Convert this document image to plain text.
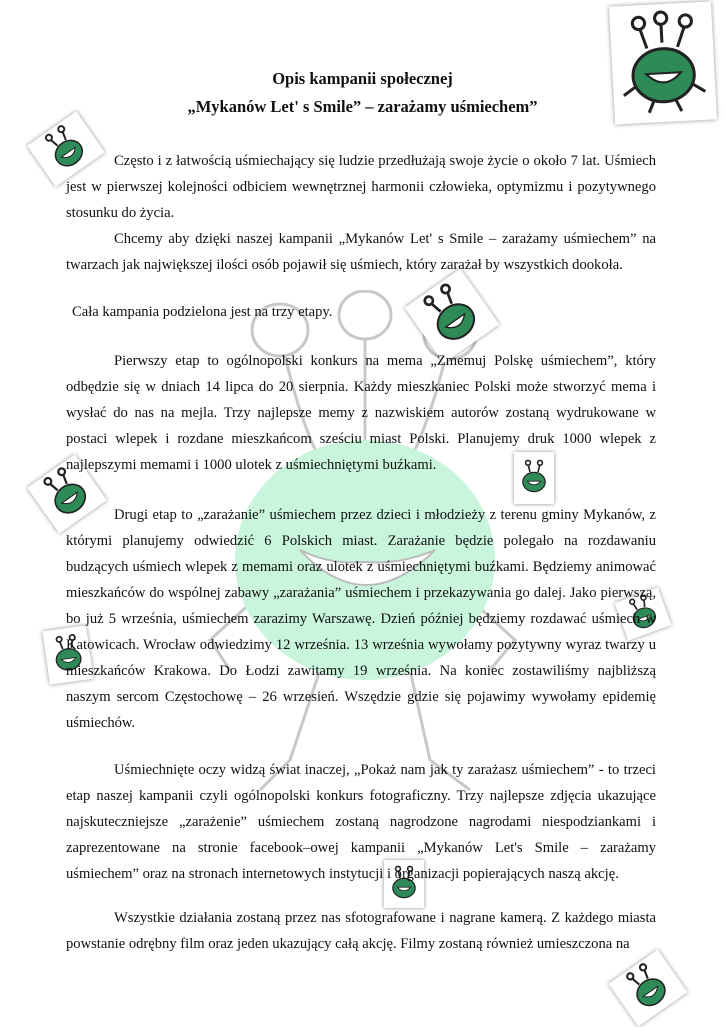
Opis kampanii społecznej
„Mykanów Let' s Smile” – zarażamy uśmiechem”
Często i z łatwością uśmiechający się ludzie przedłużają swoje życie o około 7 lat. Uśmiech jest w pierwszej kolejności odbiciem wewnętrznej harmonii człowieka, optymizmu i pozytywnego stosunku do życia.
Chcemy aby dzięki naszej kampanii „Mykanów Let' s Smile – zarażamy uśmiechem” na twarzach jak największej ilości osób pojawił się uśmiech, który zarażał by wszystkich dookoła.
Cała kampania podzielona jest na trzy etapy.
Pierwszy etap to ogólnopolski konkurs na mema „Zmemuj Polskę uśmiechem”, który odbędzie się w dniach 14 lipca do 20 sierpnia. Każdy mieszkaniec Polski może stworzyć mema i wysłać do nas na mejla. Trzy najlepsze memy z nazwiskiem autorów zostaną wydrukowane w postaci wlepek i rozdane mieszkańcom sześciu miast Polski. Planujemy druk 1000 wlepek z najlepszymi memami i 1000 ulotek z uśmiechniętymi buźkami.
Drugi etap to „zarażanie” uśmiechem przez dzieci i młodzieży z terenu gminy Mykanów, z którymi planujemy odwiedzić 6 Polskich miast. Zarażanie będzie polegało na rozdawaniu budzących uśmiech wlepek z memami oraz ulotek z uśmiechniętymi buźkami. Będziemy animować mieszkańców do wspólnej zabawy „zarażania” uśmiechem i przekazywania go dalej. Jako pierwszą, bo już 5 września, uśmiechem zarazimy Warszawę. Dzień później będziemy rozdawać uśmiech w Katowicach. Wrocław odwiedzimy 12 września. 13 września wywołamy pozytywny wyraz twarzy u mieszkańców Krakowa. Do Łodzi zawitamy 19 września. Na koniec zostawiliśmy najbliższą naszym sercom Częstochowę – 26 wrzesień. Wszędzie gdzie się pojawimy wywołamy epidemię uśmiechów.
Uśmiechnięte oczy widzą świat inaczej, „Pokaż nam jak ty zarażasz uśmiechem” - to trzeci etap naszej kampanii czyli ogólnopolski konkurs fotograficzny. Trzy najlepsze zdjęcia ukazujące najskuteczniejsze „zarażenie” uśmiechem zostaną nagrodzone nagrodami niespodziankami i zaprezentowane na stronie facebook–owej kampanii „Mykanów Let's Smile – zarażamy uśmiechem” oraz na stronach internetowych instytucji i organizacji popierających naszą akcję.
Wszystkie działania zostaną przez nas sfotografowane i nagrane kamerą. Z każdego miasta powstanie odrębny film oraz jeden ukazujący całą akcję. Filmy zostaną również umieszczona na
